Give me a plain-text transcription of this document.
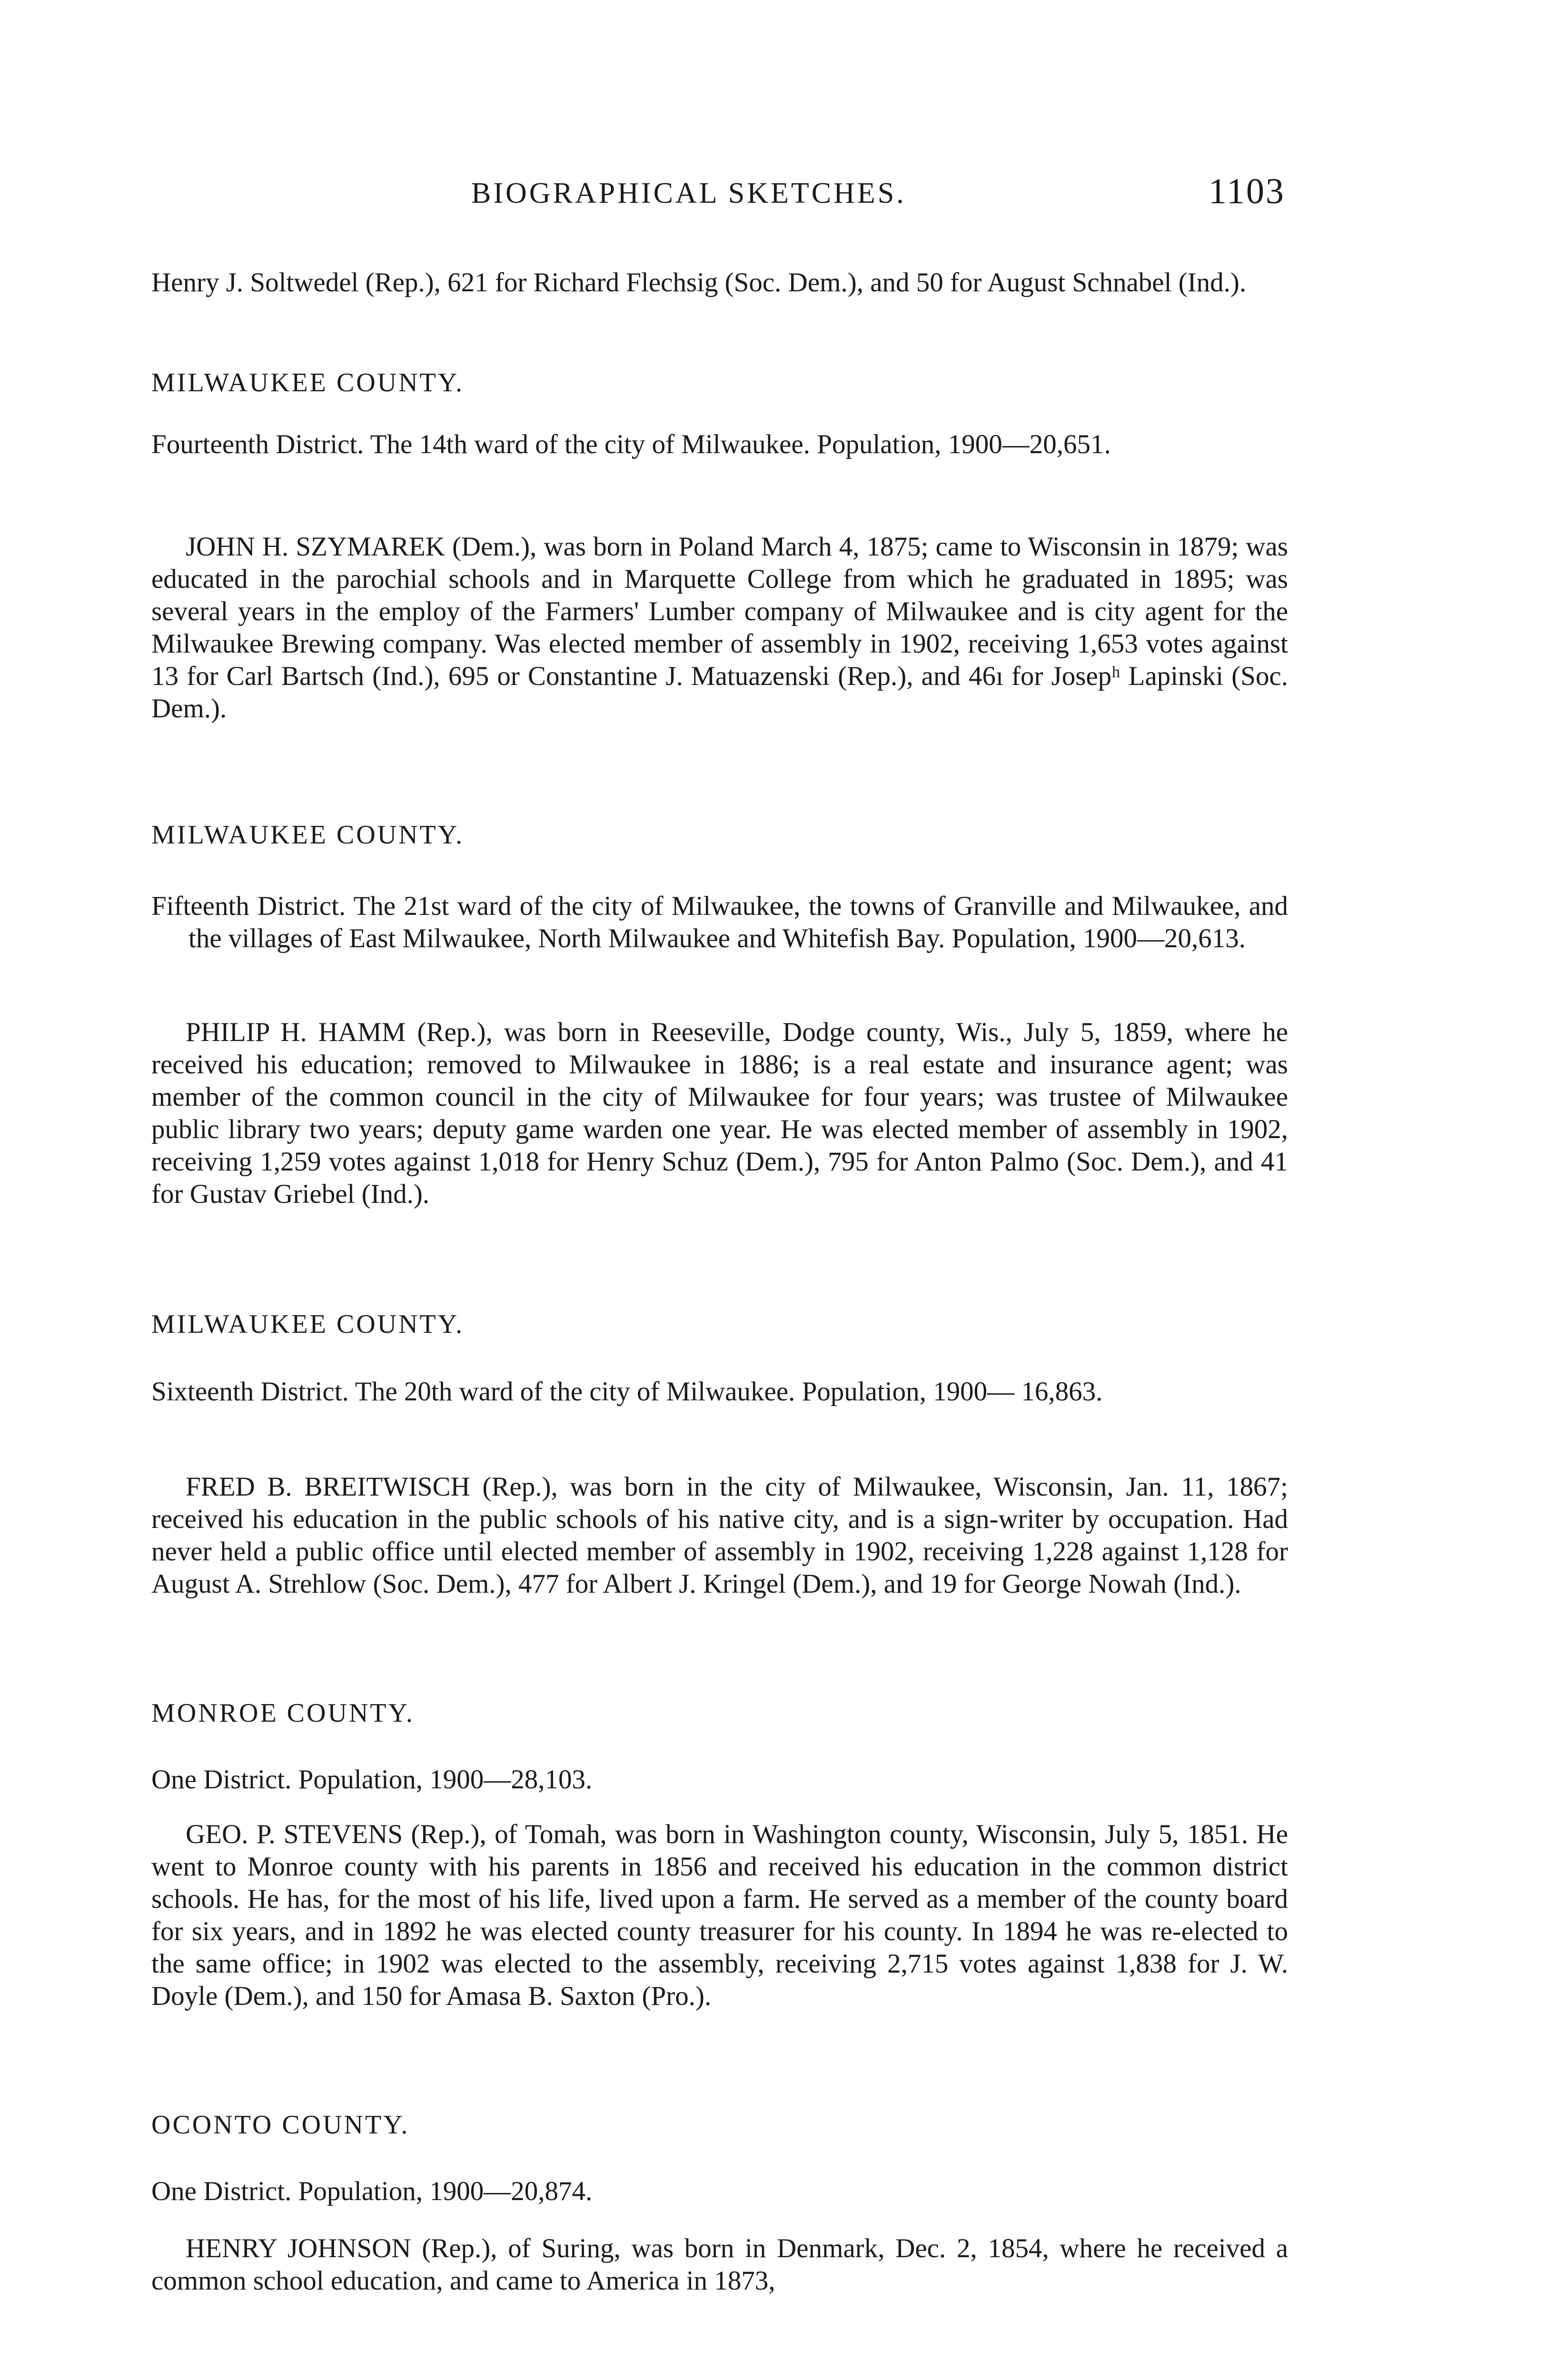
BIOGRAPHICAL SKETCHES.	1103

Henry J. Soltwedel (Rep.), 621 for Richard Flechsig (Soc. Dem.), and 50 for August Schnabel (Ind.).

MILWAUKEE COUNTY.

Fourteenth District. The 14th ward of the city of Milwaukee. Population, 1900—20,651.

JOHN H. SZYMAREK (Dem.), was born in Poland March 4, 1875; came to Wisconsin in 1879; was educated in the parochial schools and in Marquette College from which he graduated in 1895; was several years in the employ of the Farmers' Lumber company of Milwaukee and is city agent for the Milwaukee Brewing company. Was elected member of assembly in 1902, receiving 1,653 votes against 13 for Carl Bartsch (Ind.), 695 or Constantine J. Matuazenski (Rep.), and 46ı for Josepʰ Lapinski (Soc. Dem.).

MILWAUKEE COUNTY.

Fifteenth District. The 21st ward of the city of Milwaukee, the towns of Granville and Milwaukee, and the villages of East Milwaukee, North Milwaukee and Whitefish Bay. Population, 1900—20,613.

PHILIP H. HAMM (Rep.), was born in Reeseville, Dodge county, Wis., July 5, 1859, where he received his education; removed to Milwaukee in 1886; is a real estate and insurance agent; was member of the common council in the city of Milwaukee for four years; was trustee of Milwaukee public library two years; deputy game warden one year. He was elected member of assembly in 1902, receiving 1,259 votes against 1,018 for Henry Schuz (Dem.), 795 for Anton Palmo (Soc. Dem.), and 41 for Gustav Griebel (Ind.).

MILWAUKEE COUNTY.

Sixteenth District. The 20th ward of the city of Milwaukee. Population, 1900— 16,863.

FRED B. BREITWISCH (Rep.), was born in the city of Milwaukee, Wisconsin, Jan. 11, 1867; received his education in the public schools of his native city, and is a sign-writer by occupation. Had never held a public office until elected member of assembly in 1902, receiving 1,228 against 1,128 for August A. Strehlow (Soc. Dem.), 477 for Albert J. Kringel (Dem.), and 19 for George Nowah (Ind.).

MONROE COUNTY.

One District. Population, 1900—28,103.

GEO. P. STEVENS (Rep.), of Tomah, was born in Washington county, Wisconsin, July 5, 1851. He went to Monroe county with his parents in 1856 and received his education in the common district schools. He has, for the most of his life, lived upon a farm. He served as a member of the county board for six years, and in 1892 he was elected county treasurer for his county. In 1894 he was re-elected to the same office; in 1902 was elected to the assembly, receiving 2,715 votes against 1,838 for J. W. Doyle (Dem.), and 150 for Amasa B. Saxton (Pro.).

OCONTO COUNTY.

One District. Population, 1900—20,874.

HENRY JOHNSON (Rep.), of Suring, was born in Denmark, Dec. 2, 1854, where he received a common school education, and came to America in 1873,
